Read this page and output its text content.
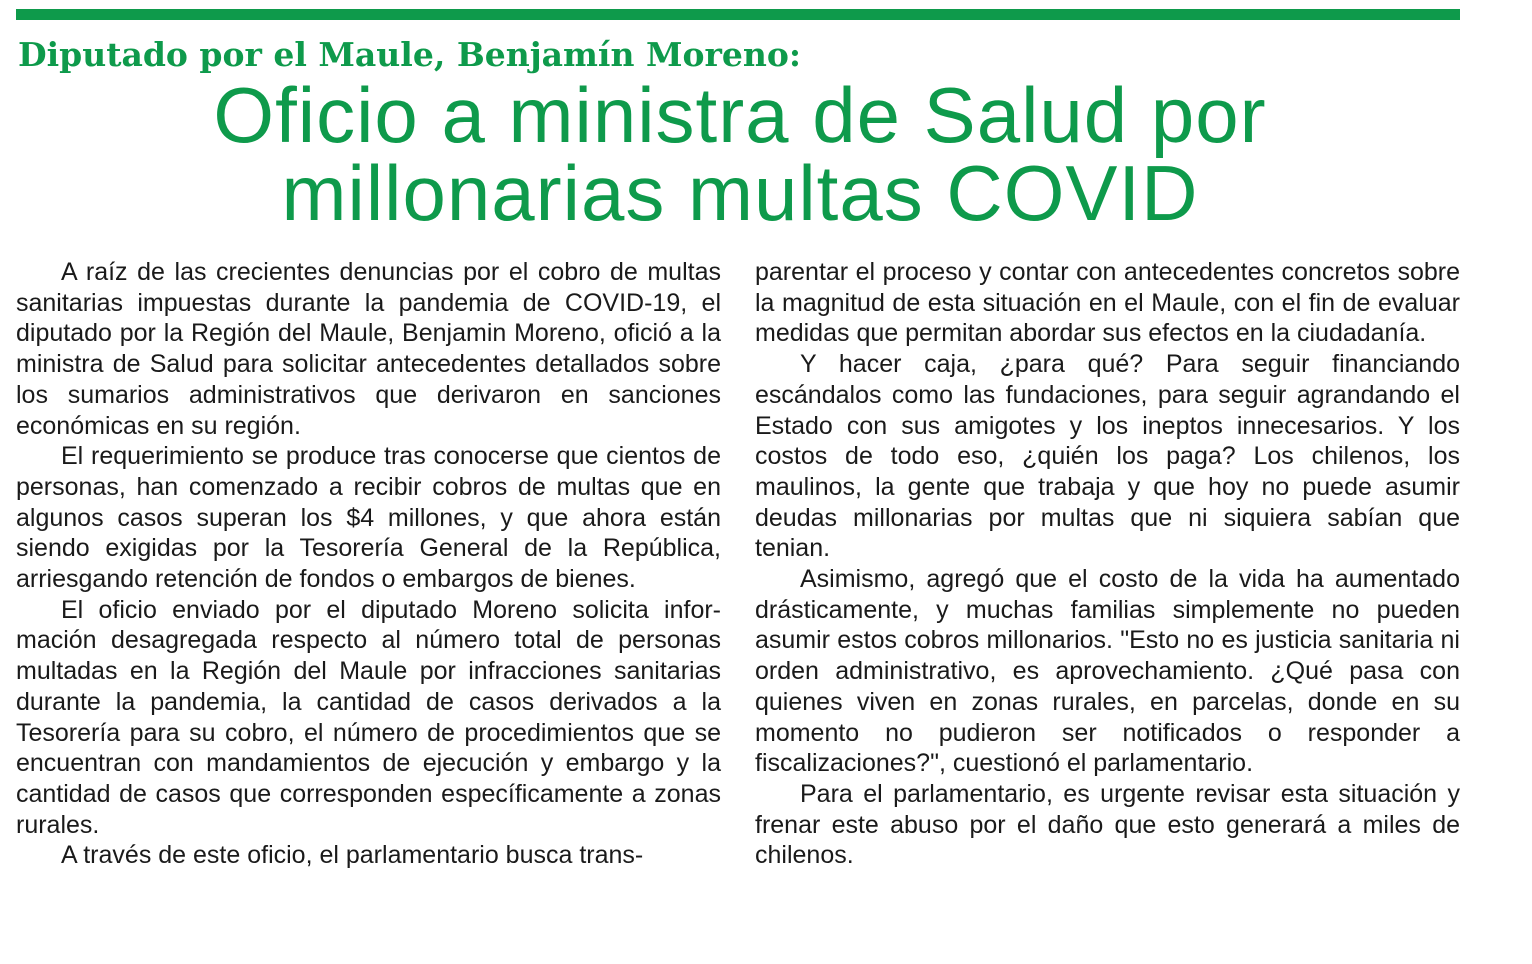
Diputado por el Maule, Benjamín Moreno:
Oficio a ministra de Salud por
millonarias multas COVID

A raíz de las crecientes denuncias por el cobro de multas sanitarias impuestas durante la pandemia de COVID-19, el diputado por la Región del Maule, Benjamin Moreno, ofició a la ministra de Salud para solicitar antecedentes detallados sobre los sumarios administrativos que derivaron en sanciones económicas en su región.

El requerimiento se produce tras conocerse que cientos de personas, han comenzado a recibir cobros de multas que en algunos casos superan los $4 millones, y que ahora están siendo exigidas por la Tesorería General de la República, arriesgando retención de fondos o embargos de bienes.

El oficio enviado por el diputado Moreno solicita información desagregada respecto al número total de personas multadas en la Región del Maule por infracciones sanitarias durante la pandemia, la cantidad de casos derivados a la Tesorería para su cobro, el número de procedimientos que se encuentran con mandamientos de ejecución y embargo y la cantidad de casos que corresponden específicamente a zonas rurales.

A través de este oficio, el parlamentario busca trans-

parentar el proceso y contar con antecedentes concretos sobre la magnitud de esta situación en el Maule, con el fin de evaluar medidas que permitan abordar sus efectos en la ciudadanía.

Y hacer caja, ¿para qué? Para seguir financiando escándalos como las fundaciones, para seguir agrandando el Estado con sus amigotes y los ineptos innecesarios. Y los costos de todo eso, ¿quién los paga? Los chilenos, los maulinos, la gente que trabaja y que hoy no puede asumir deudas millonarias por multas que ni siquiera sabían que tenian.

Asimismo, agregó que el costo de la vida ha aumentado drásticamente, y muchas familias simplemente no pueden asumir estos cobros millonarios. "Esto no es justicia sanitaria ni orden administrativo, es aprovechamiento. ¿Qué pasa con quienes viven en zonas rurales, en parcelas, donde en su momento no pudieron ser notificados o responder a fiscalizaciones?", cuestionó el parlamentario.

Para el parlamentario, es urgente revisar esta situación y frenar este abuso por el daño que esto generará a miles de chilenos.
